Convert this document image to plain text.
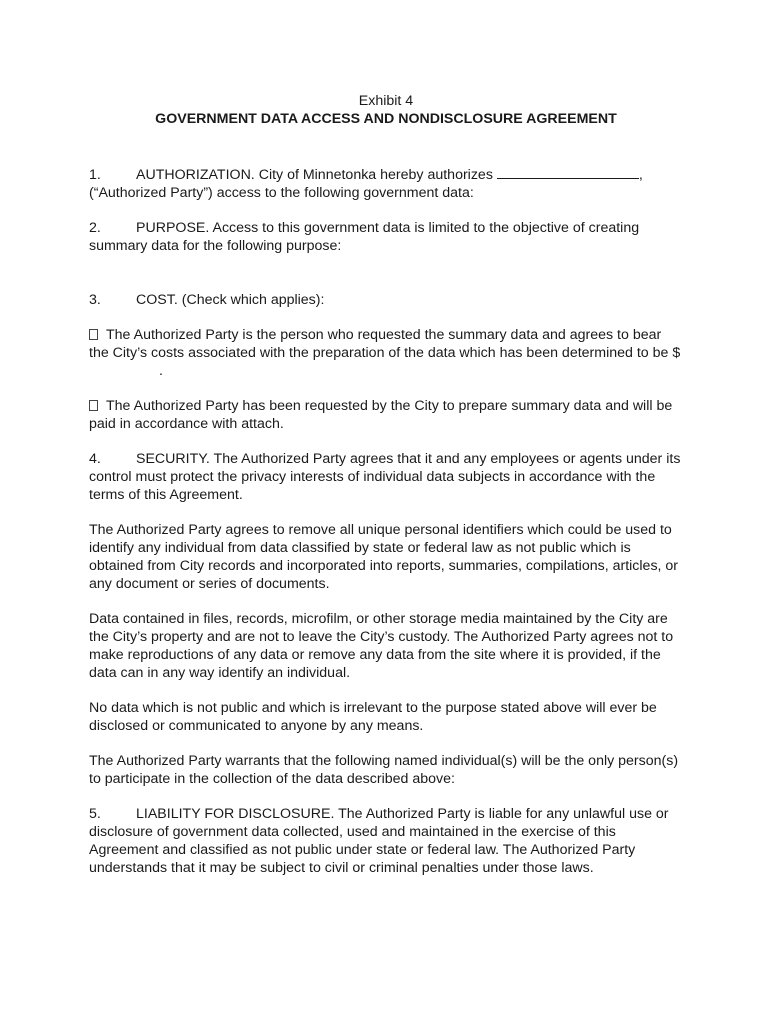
Exhibit 4

GOVERNMENT DATA ACCESS AND NONDISCLOSURE AGREEMENT

1. AUTHORIZATION. City of Minnetonka hereby authorizes	,
(“Authorized Party”) access to the following government data:

2. PURPOSE. Access to this government data is limited to the objective of creating summary data for the following purpose:

3. COST. (Check which applies):

The Authorized Party is the person who requested the summary data and agrees to bear the City’s costs associated with the preparation of the data which has been determined to be $.

The Authorized Party has been requested by the City to prepare summary data and will be paid in accordance with attach.

4. SECURITY. The Authorized Party agrees that it and any employees or agents under its control must protect the privacy interests of individual data subjects in accordance with the terms of this Agreement.

The Authorized Party agrees to remove all unique personal identifiers which could be used to identify any individual from data classified by state or federal law as not public which is obtained from City records and incorporated into reports, summaries, compilations, articles, or any document or series of documents.

Data contained in files, records, microfilm, or other storage media maintained by the City are the City’s property and are not to leave the City’s custody. The Authorized Party agrees not to make reproductions of any data or remove any data from the site where it is provided, if the data can in any way identify an individual.

No data which is not public and which is irrelevant to the purpose stated above will ever be disclosed or communicated to anyone by any means.

The Authorized Party warrants that the following named individual(s) will be the only person(s) to participate in the collection of the data described above:

5. LIABILITY FOR DISCLOSURE. The Authorized Party is liable for any unlawful use or disclosure of government data collected, used and maintained in the exercise of this Agreement and classified as not public under state or federal law. The Authorized Party understands that it may be subject to civil or criminal penalties under those laws.
